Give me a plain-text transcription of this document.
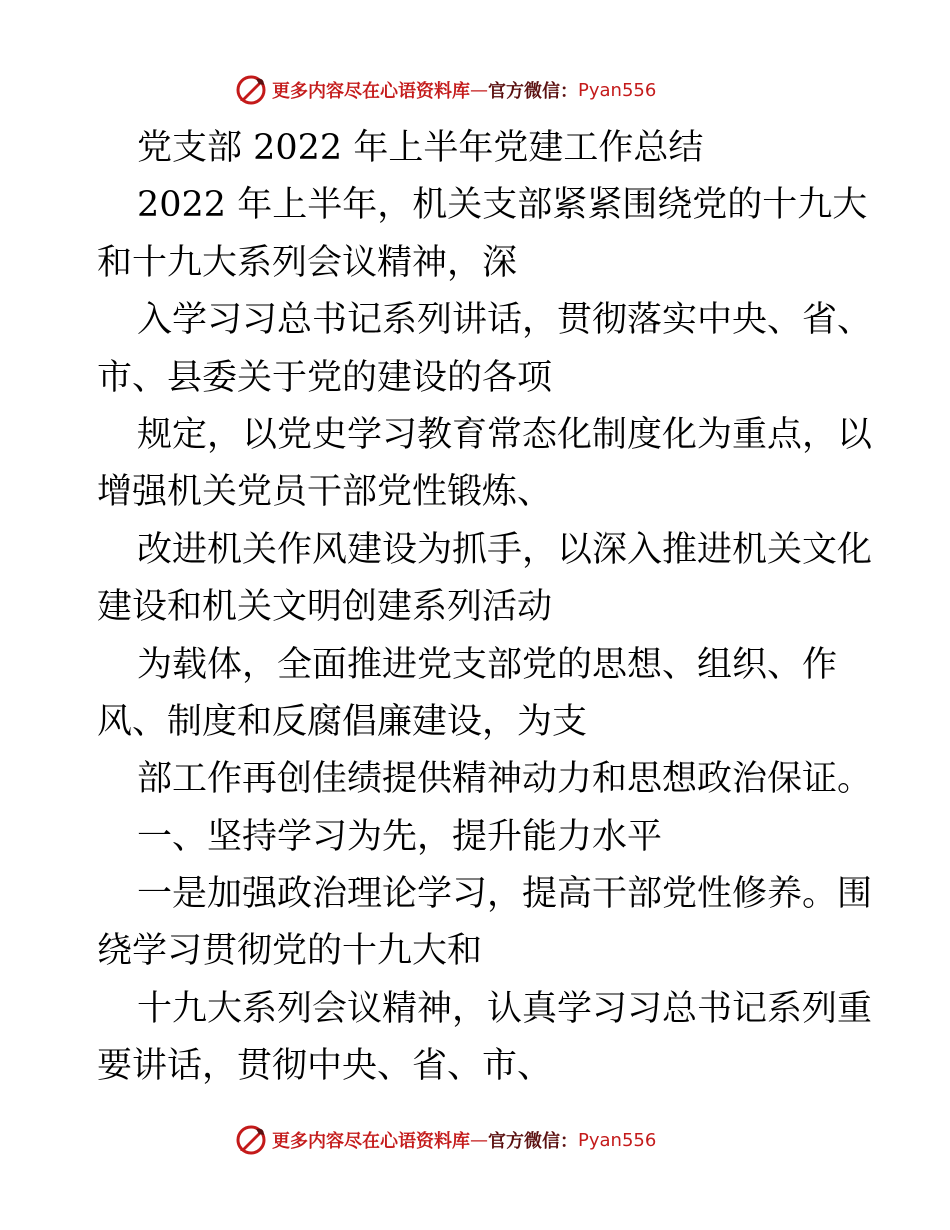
更多内容尽在心语资料库 — 官方微信： Pyan556
党支部 2022 年上半年党建工作总结
2022 年上半年，机关支部紧紧围绕党的十九大
和十九大系列会议精神，深
入学习习总书记系列讲话，贯彻落实中央、省、
市、县委关于党的建设的各项
规定，以党史学习教育常态化制度化为重点，以
增强机关党员干部党性锻炼、
改进机关作风建设为抓手，以深入推进机关文化
建设和机关文明创建系列活动
为载体，全面推进党支部党的思想、组织、作
风、制度和反腐倡廉建设，为支
部工作再创佳绩提供精神动力和思想政治保证。
一、坚持学习为先，提升能力水平
一是加强政治理论学习，提高干部党性修养。围
绕学习贯彻党的十九大和
十九大系列会议精神，认真学习习总书记系列重
要讲话，贯彻中央、省、市、
更多内容尽在心语资料库 — 官方微信： Pyan556
